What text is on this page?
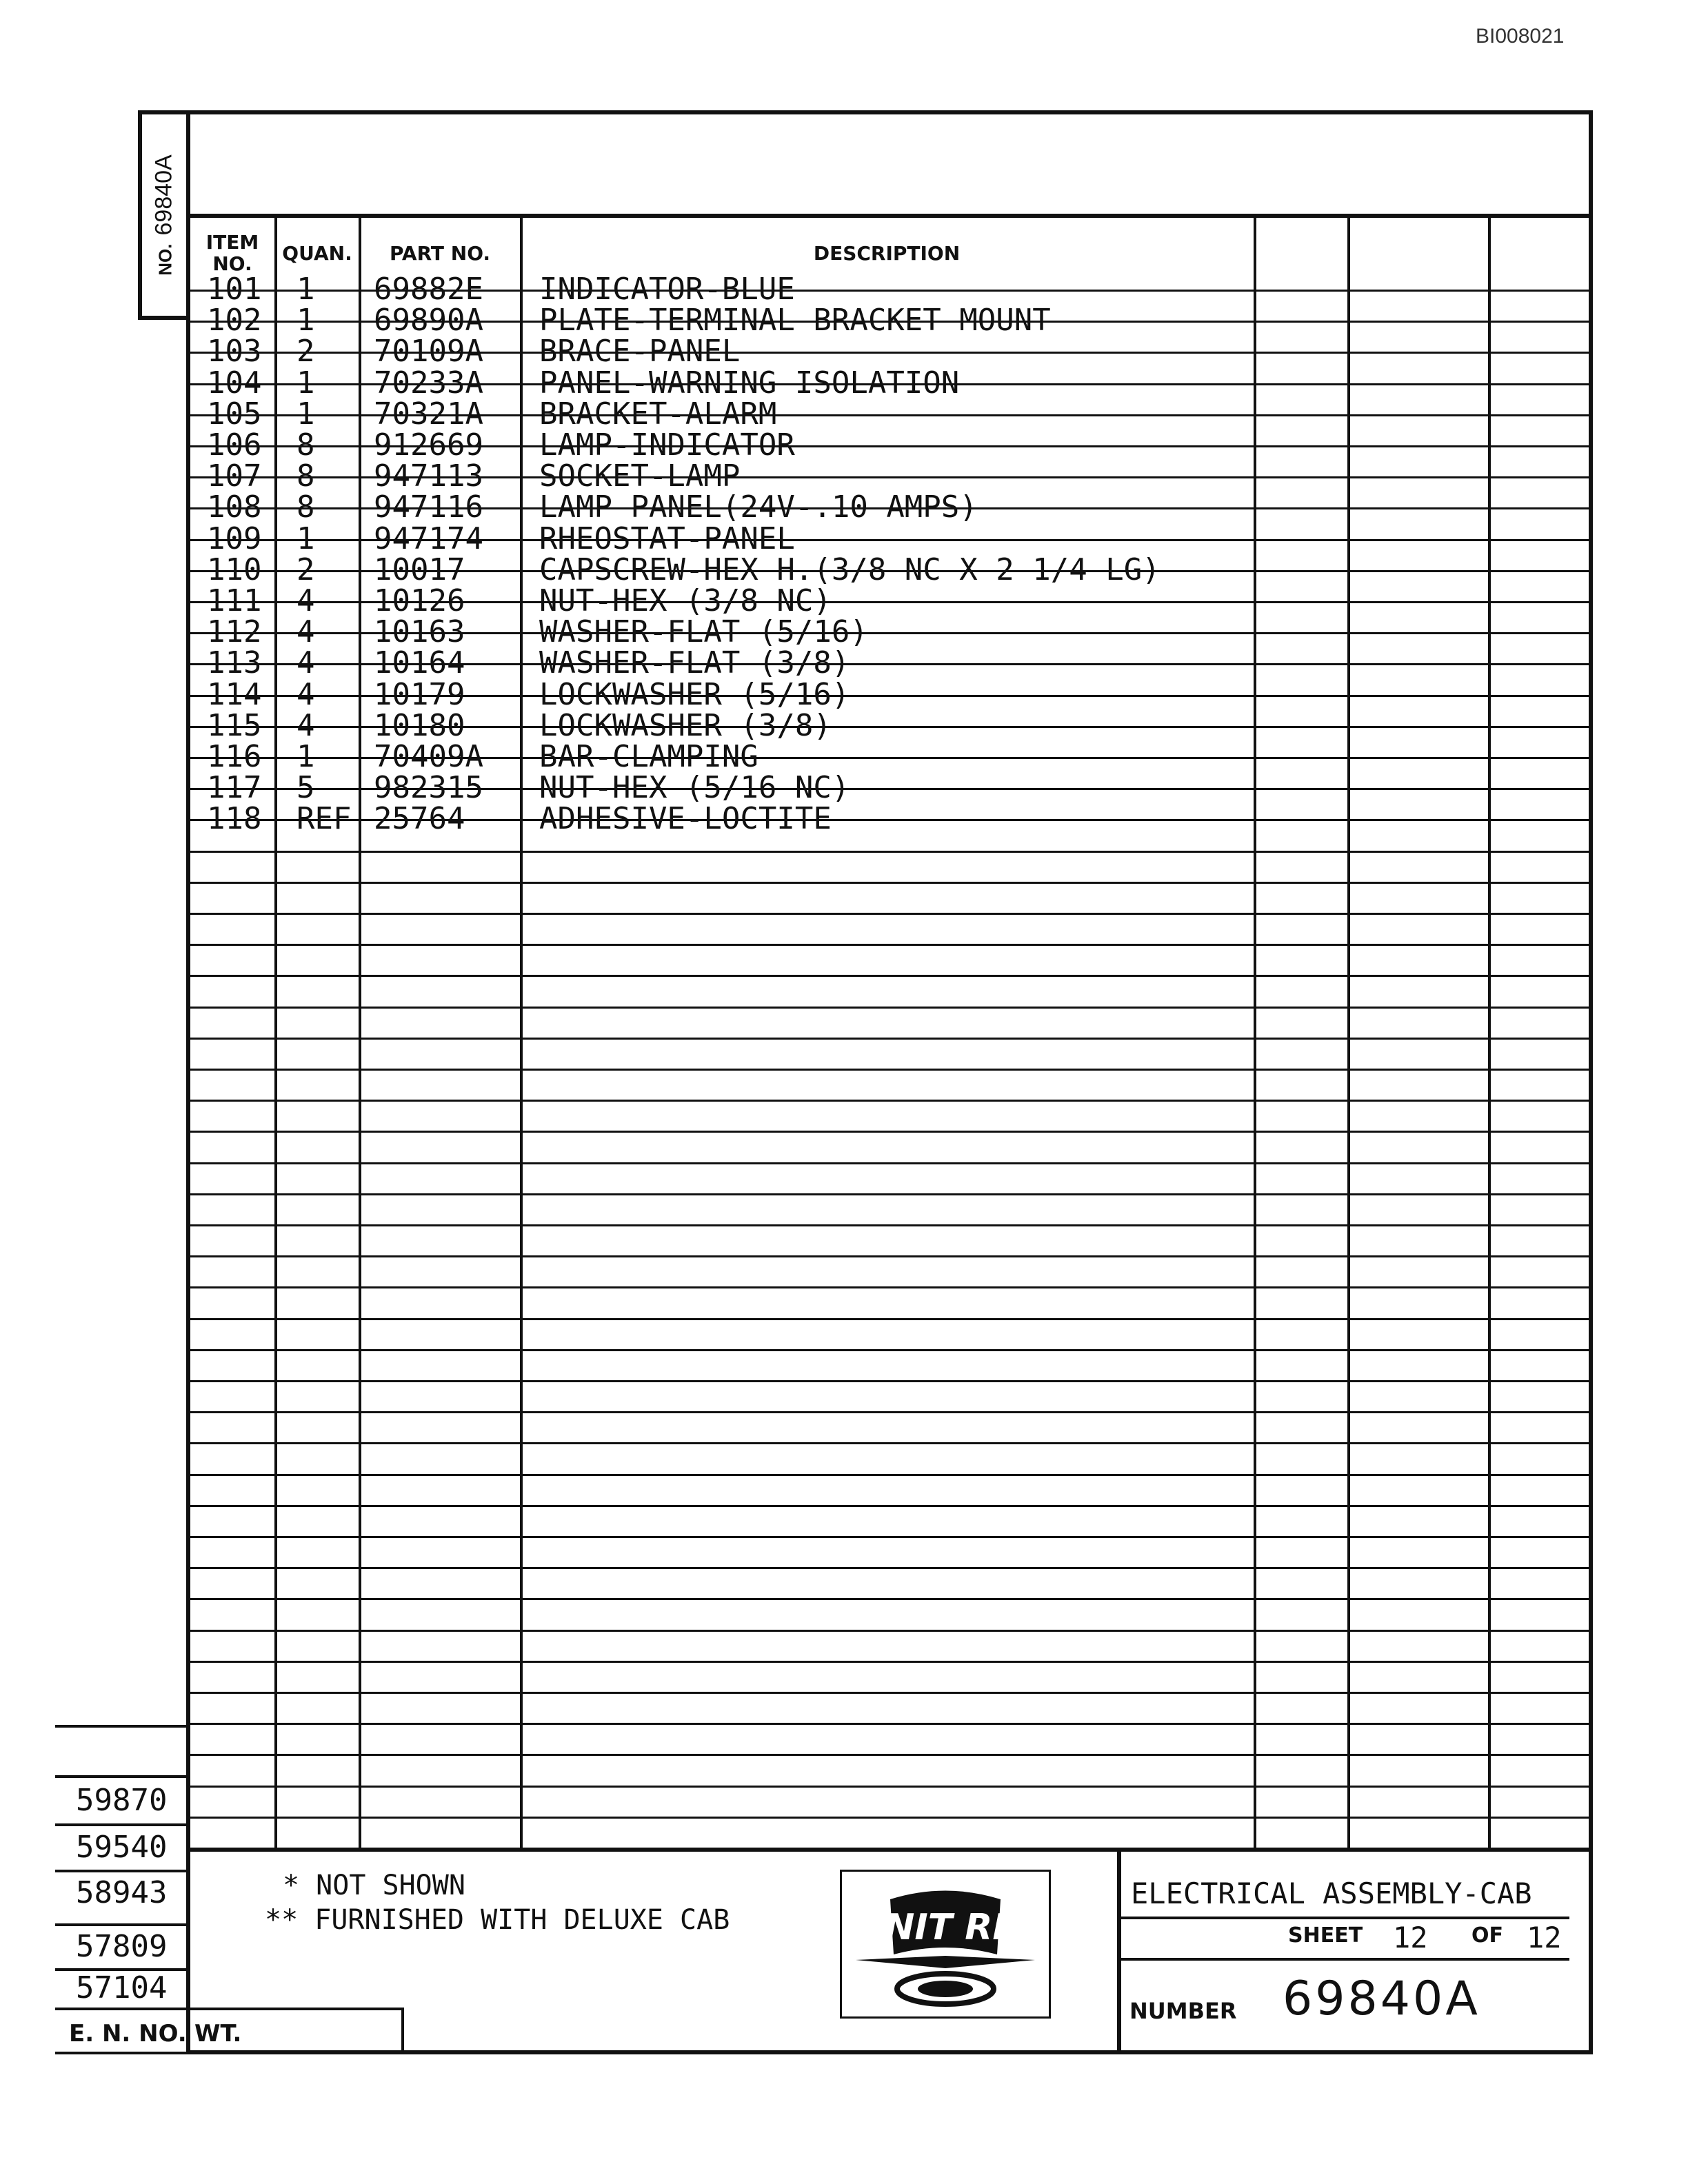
BI008021
NO.69840A
ITEM NO.	QUAN.	PART NO.	DESCRIPTION
101 1 69882E INDICATOR-BLUE
102 1 69890A PLATE-TERMINAL BRACKET MOUNT
103 2 70109A BRACE-PANEL
104 1 70233A PANEL-WARNING ISOLATION
105 1 70321A BRACKET-ALARM
106 8 912669 LAMP-INDICATOR
107 8 947113 SOCKET-LAMP
108 8 947116 LAMP PANEL(24V-.10 AMPS)
109 1 947174 RHEOSTAT-PANEL
110 2 10017 CAPSCREW-HEX H.(3/8 NC X 2 1/4 LG)
111 4 10126 NUT-HEX (3/8 NC)
112 4 10163 WASHER-FLAT (5/16)
113 4 10164 WASHER-FLAT (3/8)
114 4 10179 LOCKWASHER (5/16)
115 4 10180 LOCKWASHER (3/8)
116 1 70409A BAR-CLAMPING
117 5 982315 NUT-HEX (5/16 NC)
118 REF 25764 ADHESIVE-LOCTITE
* NOT SHOWN
** FURNISHED WITH DELUXE CAB	UNIT RIG
ELECTRICAL ASSEMBLY-CAB
SHEET 12 OF 12
NUMBER 69840A
59870
59540
58943
57809
57104
E. N. NO. WT.
